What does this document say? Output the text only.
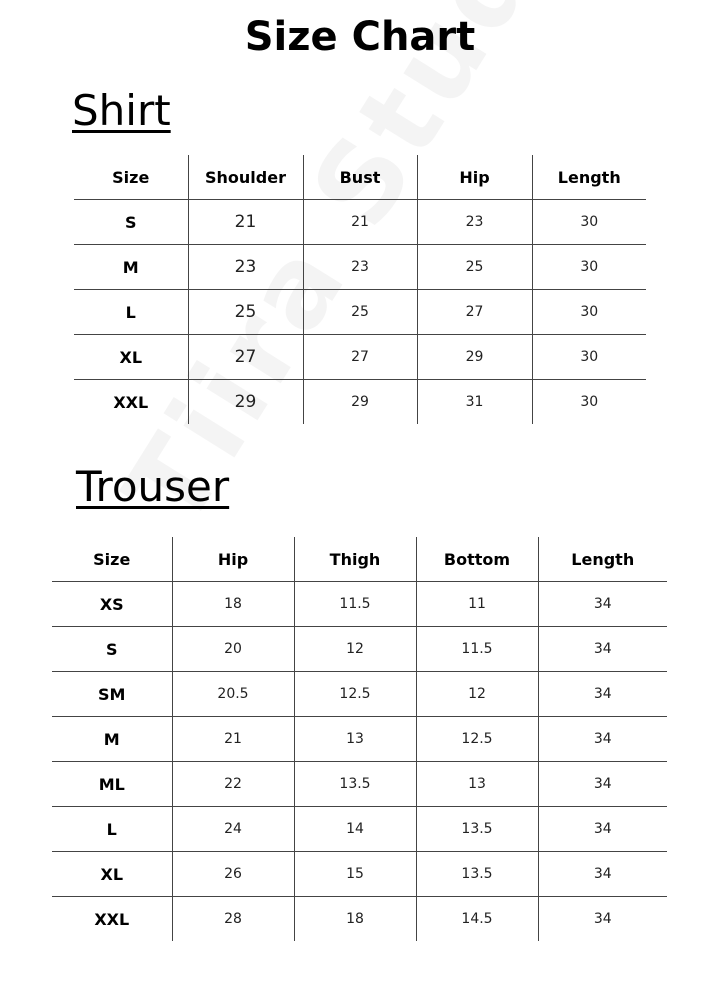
Size Chart
Shirt
Size	Shoulder	Bust	Hip	Length
S	21	21	23	30
M	23	23	25	30
L	25	25	27	30
XL	27	27	29	30
XXL	29	29	31	30
Trouser
Size	Hip	Thigh	Bottom	Length
XS	18	11.5	11	34
S	20	12	11.5	34
SM	20.5	12.5	12	34
M	21	13	12.5	34
ML	22	13.5	13	34
L	24	14	13.5	34
XL	26	15	13.5	34
XXL	28	18	14.5	34
